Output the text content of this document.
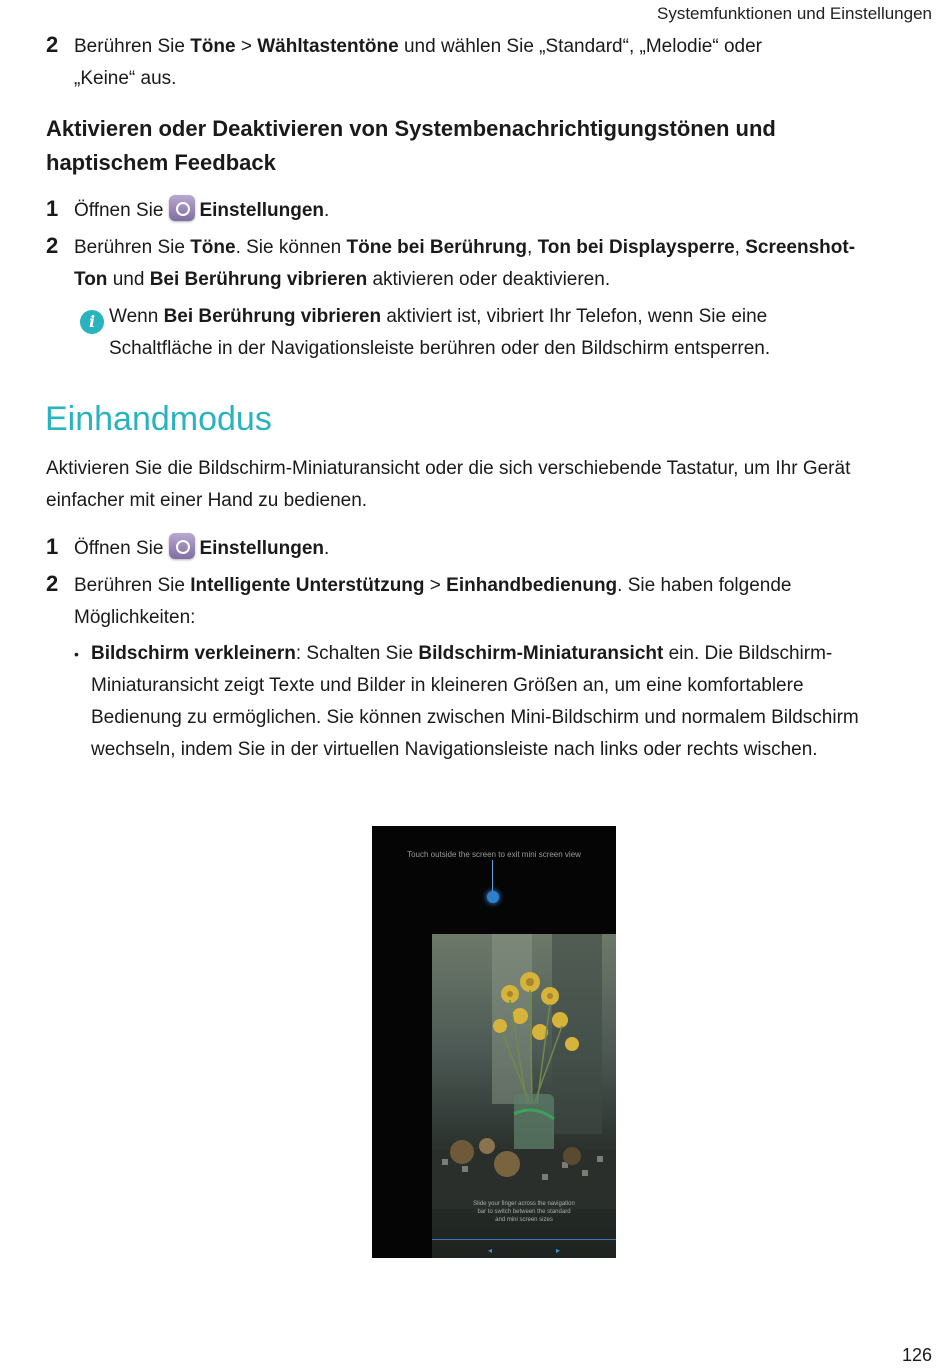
Systemfunktionen und Einstellungen
2 Berühren Sie Töne > Wähltastentöne und wählen Sie „Standard“, „Melodie“ oder
„Keine“ aus.
Aktivieren oder Deaktivieren von Systembenachrichtigungstönen und
haptischem Feedback
1 Öffnen Sie Einstellungen.
2 Berühren Sie Töne. Sie können Töne bei Berührung, Ton bei Displaysperre, Screenshot-
Ton und Bei Berührung vibrieren aktivieren oder deaktivieren.
i Wenn Bei Berührung vibrieren aktiviert ist, vibriert Ihr Telefon, wenn Sie eine
Schaltfläche in der Navigationsleiste berühren oder den Bildschirm entsperren.
Einhandmodus
Aktivieren Sie die Bildschirm-Miniaturansicht oder die sich verschiebende Tastatur, um Ihr Gerät
einfacher mit einer Hand zu bedienen.
1 Öffnen Sie Einstellungen.
2 Berühren Sie Intelligente Unterstützung > Einhandbedienung. Sie haben folgende
Möglichkeiten:
• Bildschirm verkleinern: Schalten Sie Bildschirm-Miniaturansicht ein. Die Bildschirm-
Miniaturansicht zeigt Texte und Bilder in kleineren Größen an, um eine komfortablere
Bedienung zu ermöglichen. Sie können zwischen Mini-Bildschirm und normalem Bildschirm
wechseln, indem Sie in der virtuellen Navigationsleiste nach links oder rechts wischen.
Touch outside the screen to exit mini screen view
Slide your finger across the navigation
bar to switch between the standard
and mini screen sizes
◂	▸
126
